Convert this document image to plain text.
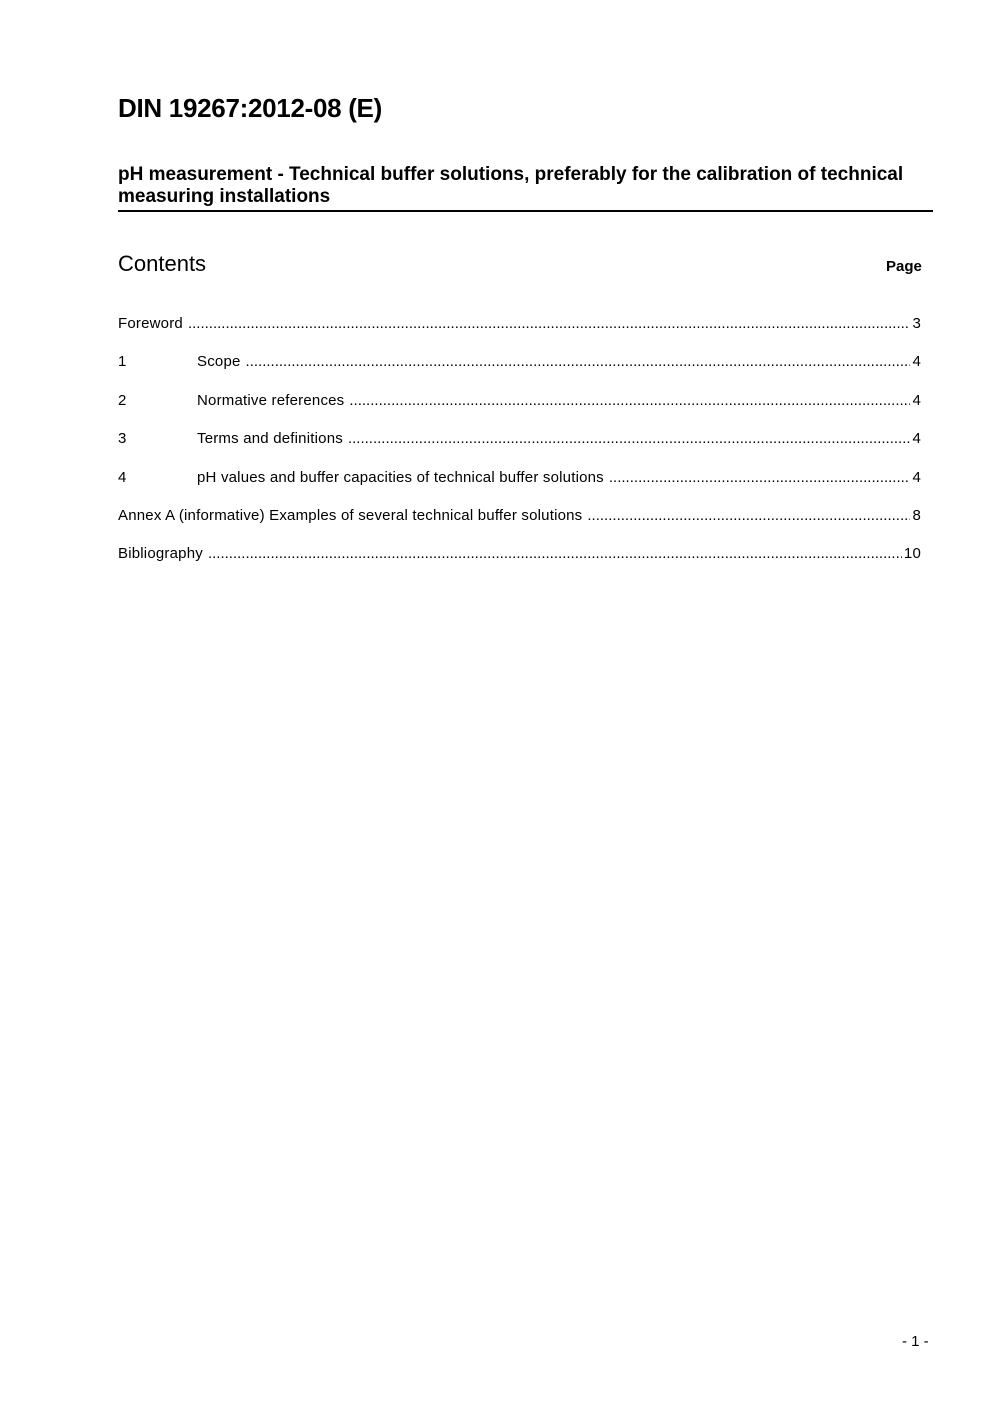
DIN 19267:2012-08 (E)
pH measurement - Technical buffer solutions, preferably for the calibration of technical measuring installations
Contents	Page
Foreword .....	3
1	Scope .....	4
2	Normative references .....	4
3	Terms and definitions .....	4
4	pH values and buffer capacities of technical buffer solutions .....	4
Annex A (informative) Examples of several technical buffer solutions .....	8
Bibliography .....	10
- 1 -
